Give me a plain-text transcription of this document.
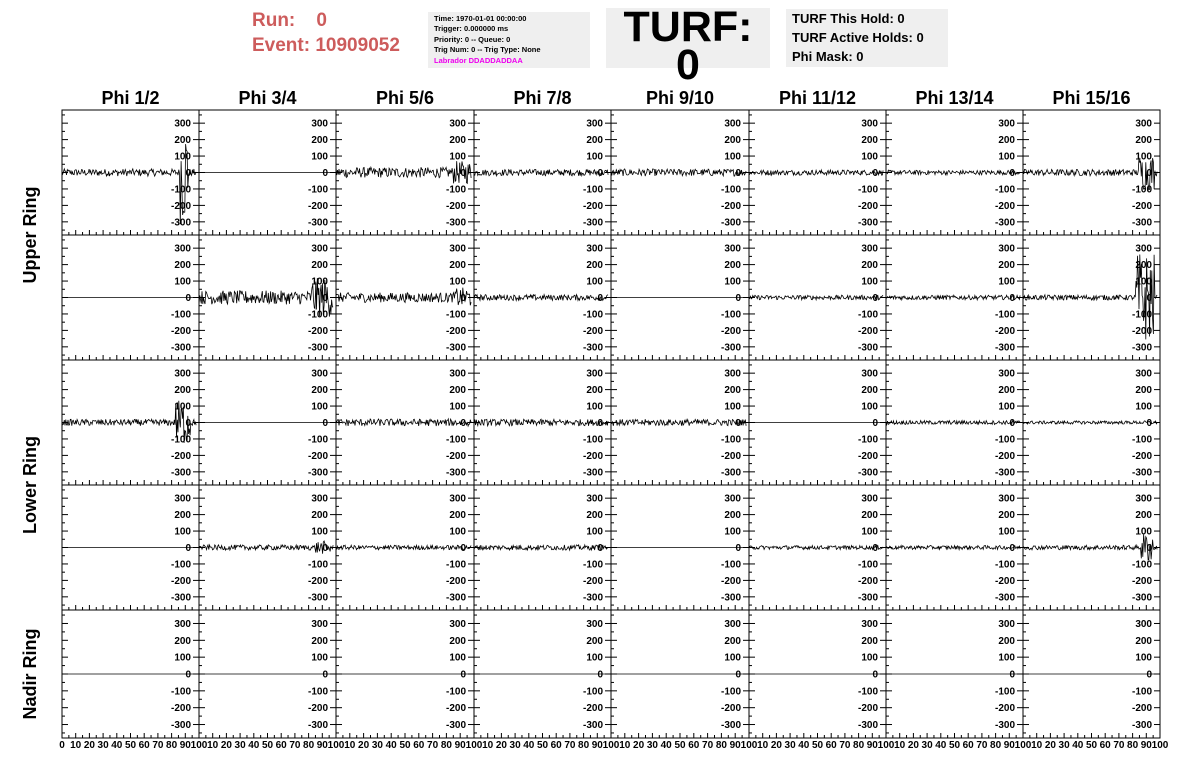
Run: 0
Event: 10909052
Time: 1970-01-01 00:00:00
Trigger: 0.000000 ms
Priority: 0 -- Queue: 0
Trig Num: 0 -- Trig Type: None
Labrador DDADDADDAA
TURF: 0
TURF This Hold: 0
TURF Active Holds: 0
Phi Mask: 0
Phi 1/2	Phi 3/4	Phi 5/6	Phi 7/8	Phi 9/10	Phi 11/12	Phi 13/14	Phi 15/16
Upper Ring
Lower Ring
Nadir Ring
-300
-200
-100
0
100
200
300
-300
-200
-100
0
100
200
300
-300
-200
-100
0
100
200
300
-300
-200
-100
0
100
200
300
-300
-200
-100
0
100
200
300
-300
-200
-100
0
100
200
300
-300
-200
-100
0
100
200
300
-300
-200
-100
0
100
200
300
-300
-200
-100
0
100
200
300
-300
-200
-100
0
100
200
300
-300
-200
-100
0
100
200
300
-300
-200
-100
0
100
200
300
-300
-200
-100
0
100
200
300
-300
-200
-100
0
100
200
300
-300
-200
-100
0
100
200
300
-300
-200
-100
0
100
200
300
-300
-200
-100
0
100
200
300
-300
-200
-100
0
100
200
300
-300
-200
-100
0
100
200
300
-300
-200
-100
0
100
200
300
-300
-200
-100
0
100
200
300
-300
-200
-100
0
100
200
300
-300
-200
-100
0
100
200
300
-300
-200
-100
0
100
200
300
-300
-200
-100
0
100
200
300
-300
-200
-100
0
100
200
300
-300
-200
-100
0
100
200
300
-300
-200
-100
0
100
200
300
-300
-200
-100
0
100
200
300
-300
-200
-100
0
100
200
300
-300
-200
-100
0
100
200
300
-300
-200
-100
0
100
200
300
-300
-200
-100
0
100
200
300
-300
-200
-100
0
100
200
300
-300
-200
-100
0
100
200
300
-300
-200
-100
0
100
200
300
-300
-200
-100
0
100
200
300
-300
-200
-100
0
100
200
300
-300
-200
-100
0
100
200
300
-300
-200
-100
0
100
200
300
0 10 20 30 40 50 60 70 80 90 100 10 20 30 40 50 60 70 80 90 100 10 20 30 40 50 60 70 80 90 100 10 20 30 40 50 60 70 80 90 100 10 20 30 40 50 60 70 80 90 100 10 20 30 40 50 60 70 80 90 100 10 20 30 40 50 60 70 80 90 100 10 20 30 40 50 60 70 80 90 100
